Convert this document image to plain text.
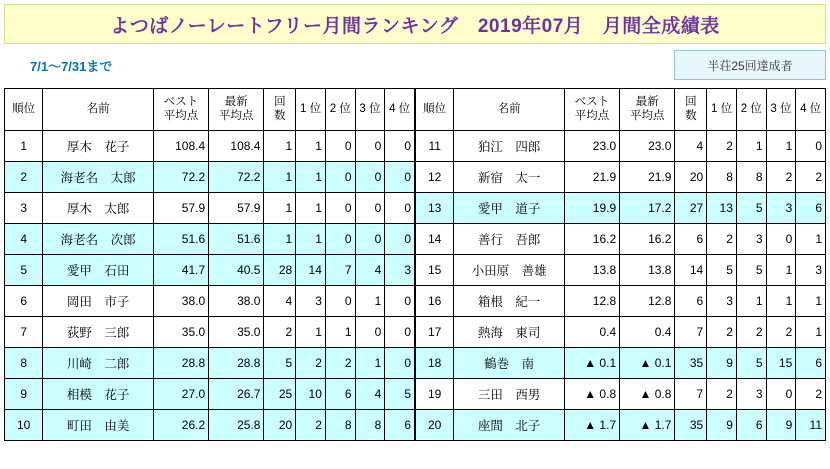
よつばノーレートフリー月間ランキング　2019年07月　月間全成績表
7/1～7/31まで	半荘25回達成者
順位	名前	ベスト
平均点	最新
平均点	回
数	1 位	2 位	3 位	4 位
1	厚木　花子	108.4	108.4	1	1	0	0	0
2	海老名　太郎	72.2	72.2	1	1	0	0	0
3	厚木　太郎	57.9	57.9	1	1	0	0	0
4	海老名　次郎	51.6	51.6	1	1	0	0	0
5	愛甲　石田	41.7	40.5	28	14	7	4	3
6	岡田　市子	38.0	38.0	4	3	0	1	0
7	荻野　三郎	35.0	35.0	2	1	1	0	0
8	川崎　二郎	28.8	28.8	5	2	2	1	0
9	相模　花子	27.0	26.7	25	10	6	4	5
10	町田　由美	26.2	25.8	20	2	8	8	6
順位	名前	ベスト
平均点	最新
平均点	回
数	1 位	2 位	3 位	4 位
11	狛江　四郎	23.0	23.0	4	2	1	1	0
12	新宿　太一	21.9	21.9	20	8	8	2	2
13	愛甲　道子	19.9	17.2	27	13	5	3	6
14	善行　吾郎	16.2	16.2	6	2	3	0	1
15	小田原　善雄	13.8	13.8	14	5	5	1	3
16	箱根　紀一	12.8	12.8	6	3	1	1	1
17	熱海　東司	0.4	0.4	7	2	2	2	1
18	鶴巻　南	▲ 0.1	▲ 0.1	35	9	5	15	6
19	三田　西男	▲ 0.8	▲ 0.8	7	2	3	0	2
20	座間　北子	▲ 1.7	▲ 1.7	35	9	6	9	11
